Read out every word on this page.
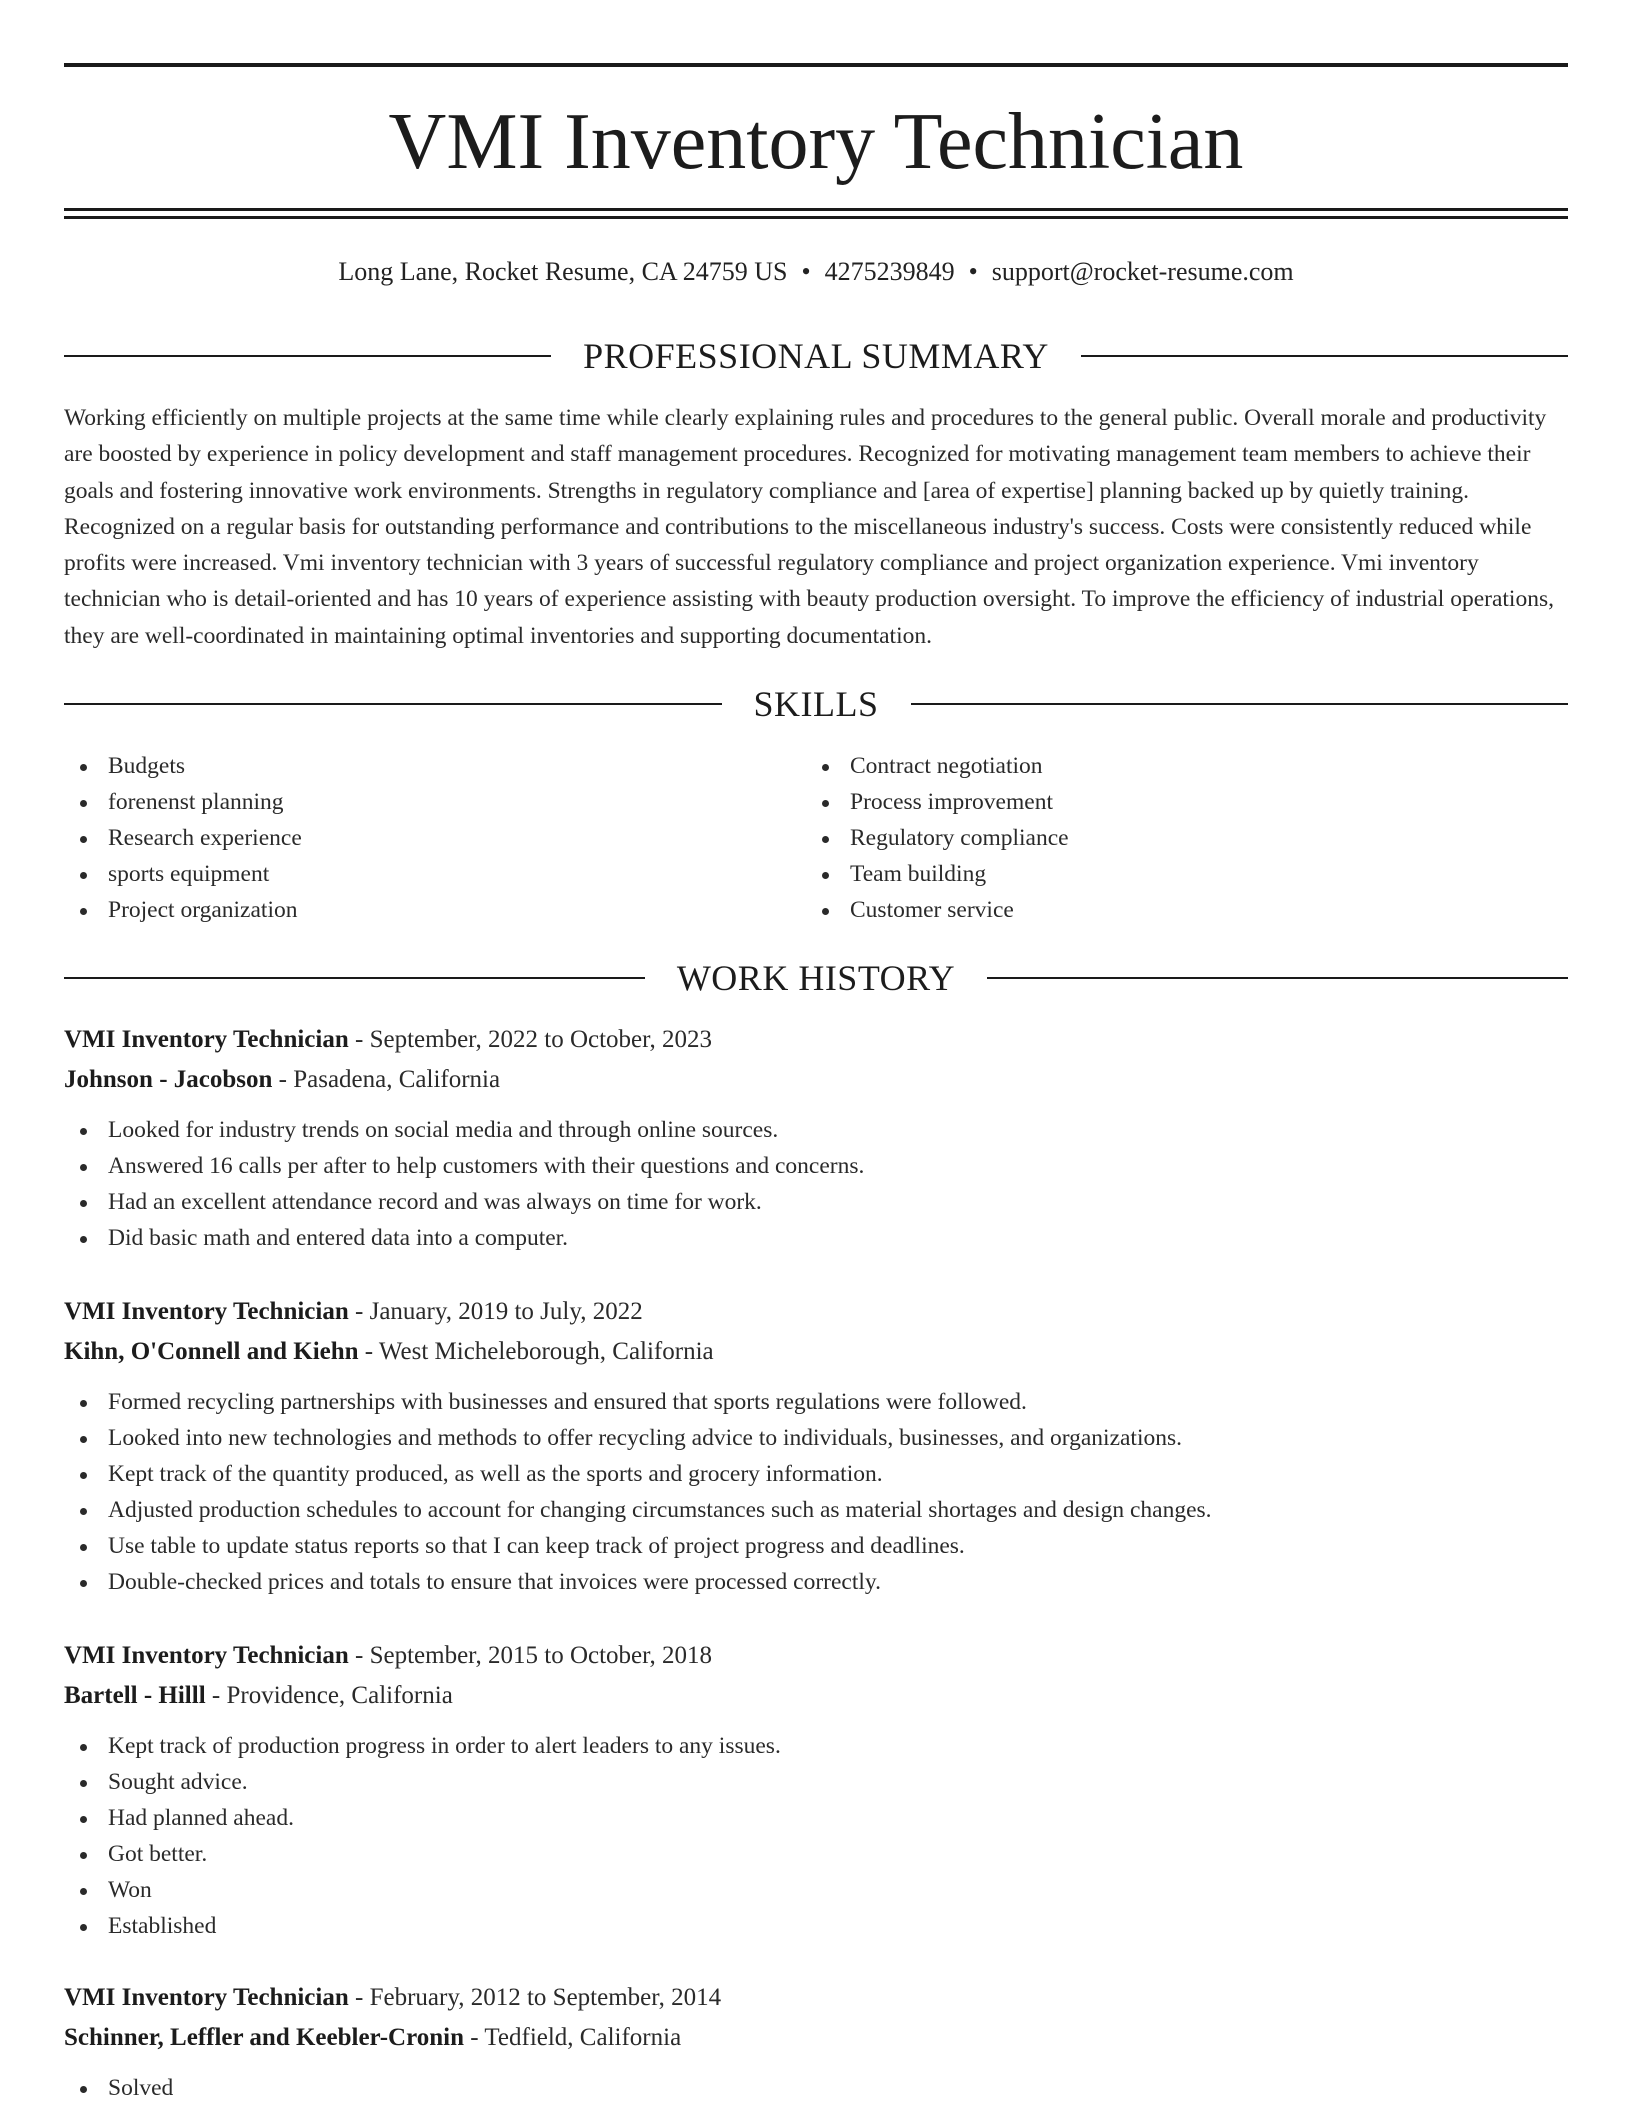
VMI Inventory Technician
Long Lane, Rocket Resume, CA 24759 US • 4275239849 • support@rocket-resume.com
PROFESSIONAL SUMMARY

Working efficiently on multiple projects at the same time while clearly explaining rules and procedures to the general public. Overall morale and productivity are boosted by experience in policy development and staff management procedures. Recognized for motivating management team members to achieve their goals and fostering innovative work environments. Strengths in regulatory compliance and [area of expertise] planning backed up by quietly training. Recognized on a regular basis for outstanding performance and contributions to the miscellaneous industry's success. Costs were consistently reduced while profits were increased. Vmi inventory technician with 3 years of successful regulatory compliance and project organization experience. Vmi inventory technician who is detail-oriented and has 10 years of experience assisting with beauty production oversight. To improve the efficiency of industrial operations, they are well-coordinated in maintaining optimal inventories and supporting documentation.

SKILLS
Budgets
forenenst planning
Research experience
sports equipment
Project organization
Contract negotiation
Process improvement
Regulatory compliance
Team building
Customer service
WORK HISTORY
VMI Inventory Technician - September, 2022 to October, 2023
Johnson - Jacobson - Pasadena, California
Looked for industry trends on social media and through online sources.
Answered 16 calls per after to help customers with their questions and concerns.
Had an excellent attendance record and was always on time for work.
Did basic math and entered data into a computer.
VMI Inventory Technician - January, 2019 to July, 2022
Kihn, O'Connell and Kiehn - West Micheleborough, California
Formed recycling partnerships with businesses and ensured that sports regulations were followed.
Looked into new technologies and methods to offer recycling advice to individuals, businesses, and organizations.
Kept track of the quantity produced, as well as the sports and grocery information.
Adjusted production schedules to account for changing circumstances such as material shortages and design changes.
Use table to update status reports so that I can keep track of project progress and deadlines.
Double-checked prices and totals to ensure that invoices were processed correctly.
VMI Inventory Technician - September, 2015 to October, 2018
Bartell - Hilll - Providence, California
Kept track of production progress in order to alert leaders to any issues.
Sought advice.
Had planned ahead.
Got better.
Won
Established
VMI Inventory Technician - February, 2012 to September, 2014
Schinner, Leffler and Keebler-Cronin - Tedfield, California
Solved
